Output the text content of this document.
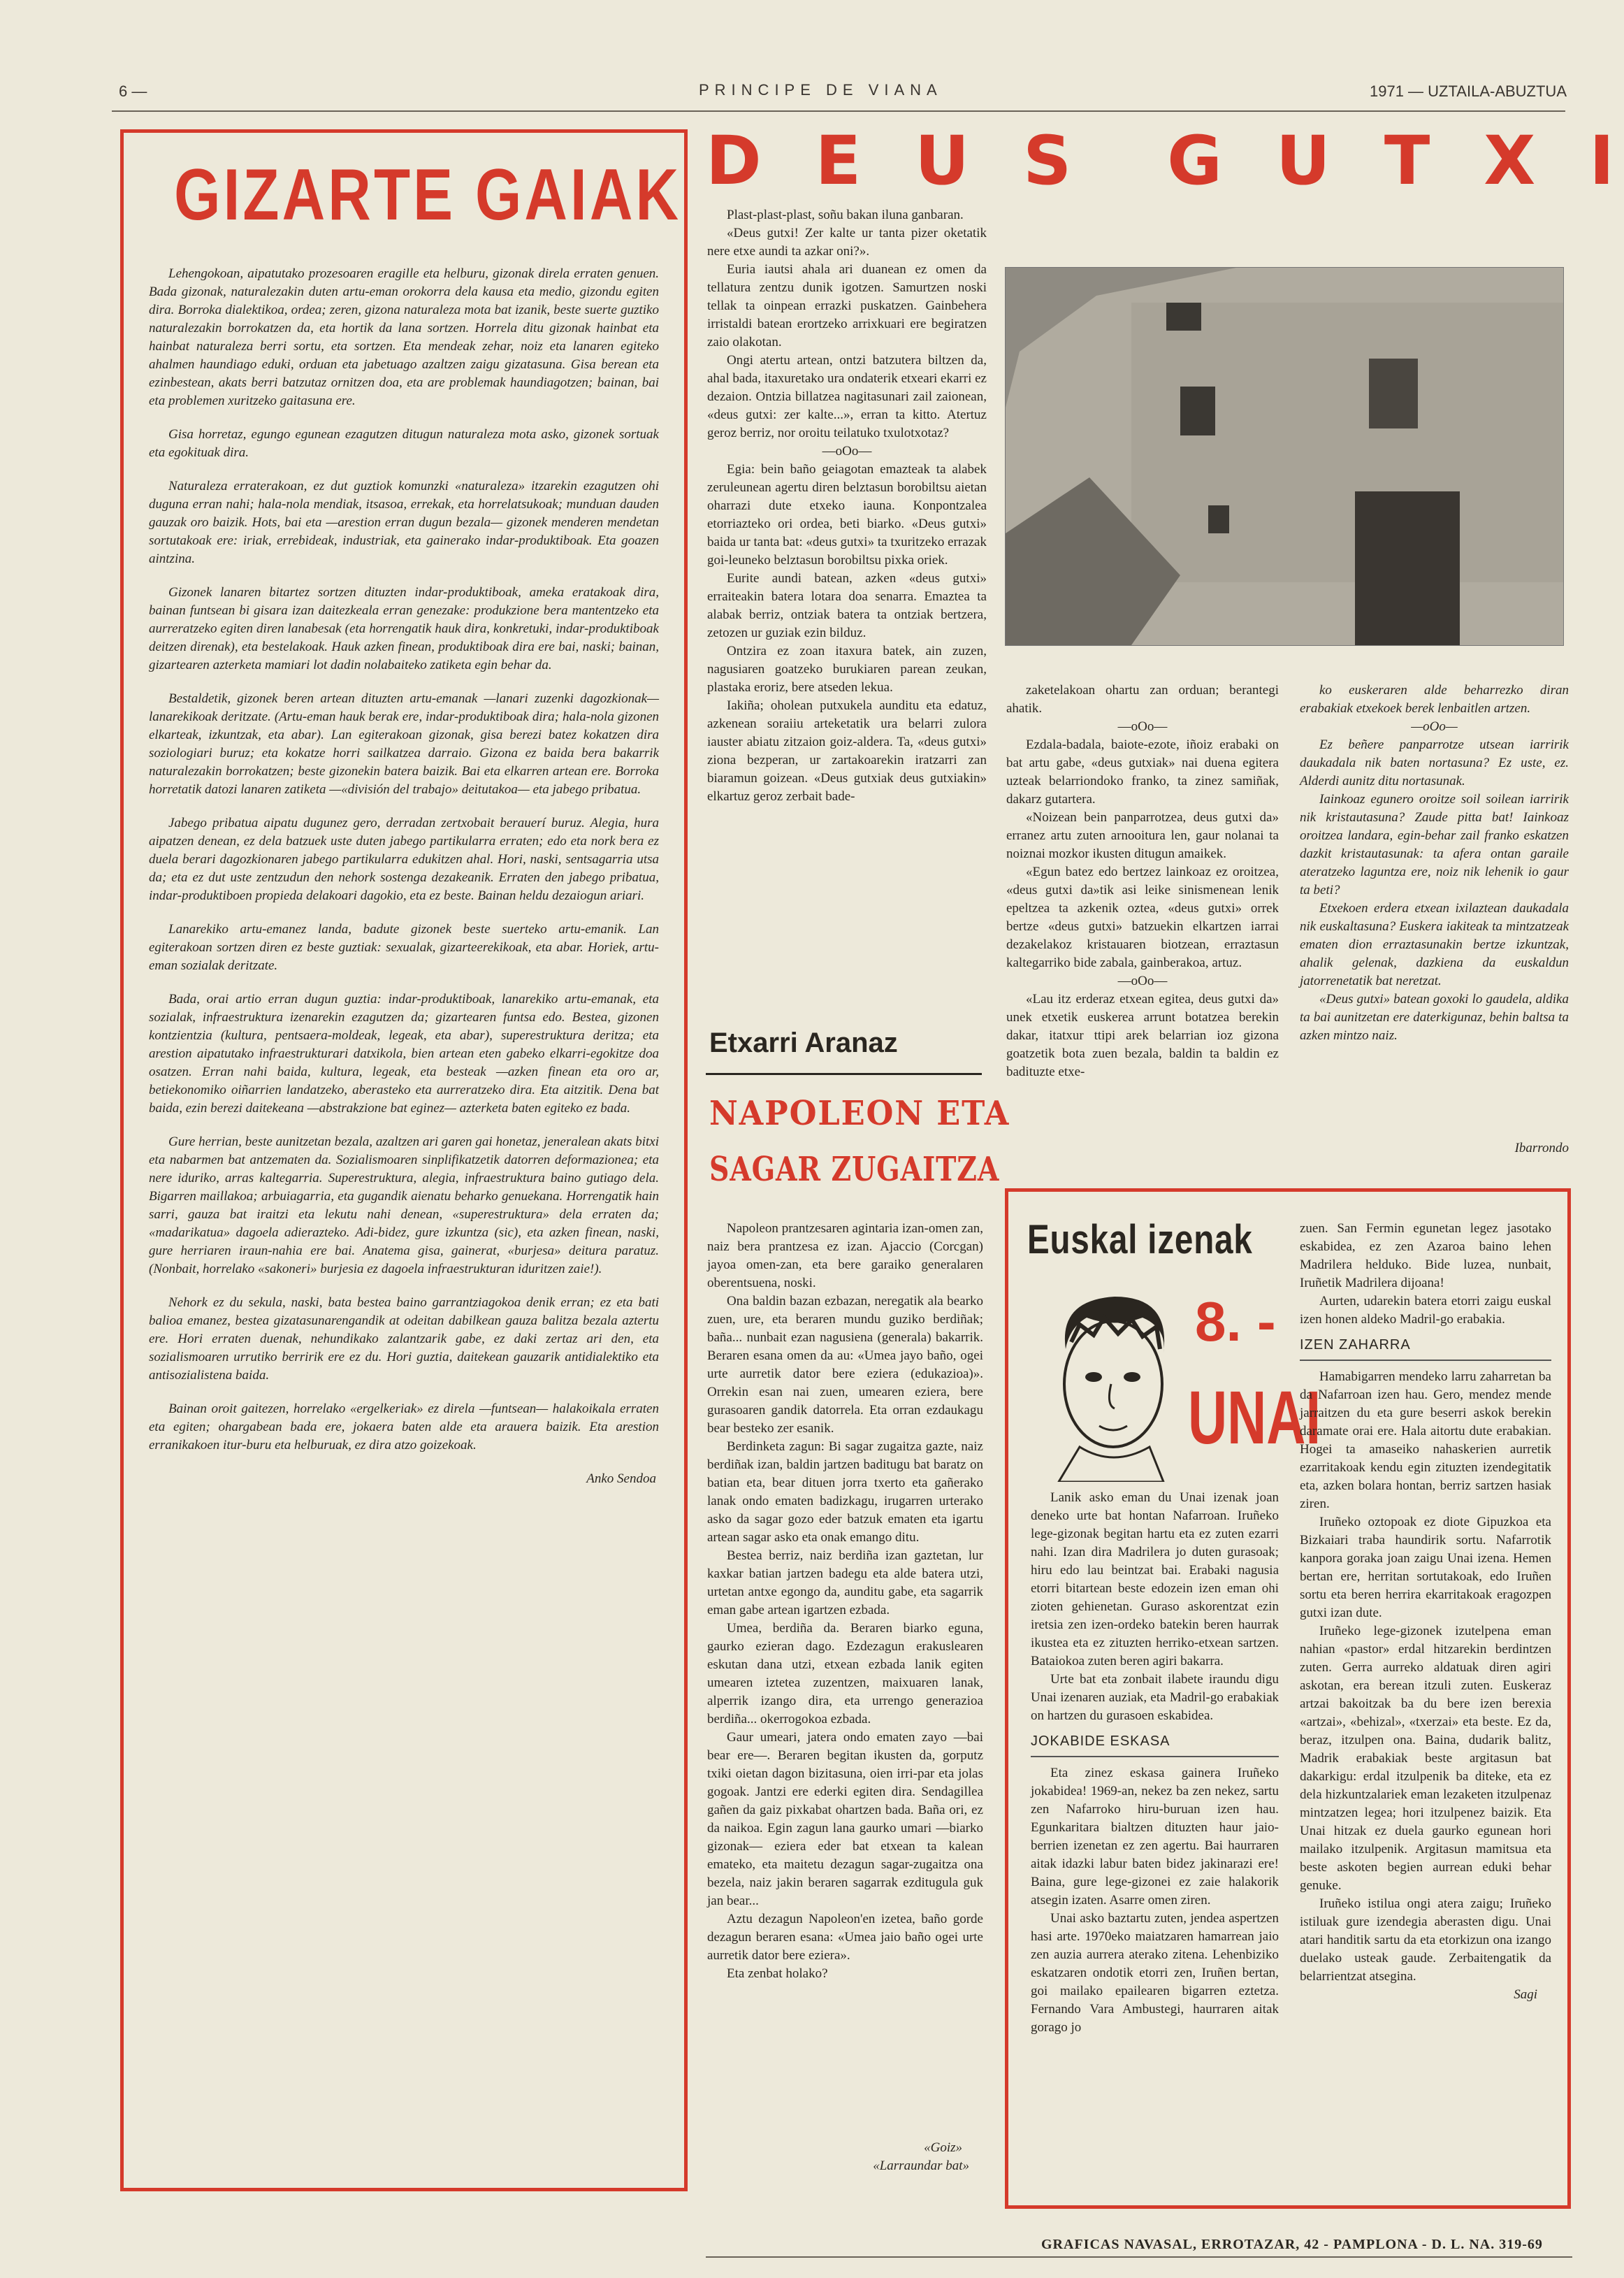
6 —	PRINCIPE DE VIANA	1971 — UZTAILA-ABUZTUA
GIZARTE GAIAK

Lehengokoan, aipatutako prozesoaren eragille eta helburu, gizonak direla erraten genuen. Bada gizonak, naturalezakin duten artu-eman orokorra dela kausa eta medio, gizondu egiten dira. Borroka dialektikoa, ordea; zeren, gizona naturaleza mota bat izanik, beste suerte guztiko naturalezakin borrokatzen da, eta hortik da lana sortzen. Horrela ditu gizonak hainbat eta hainbat naturaleza berri sortu, eta sortzen. Eta mendeak zehar, noiz eta lanaren egiteko ahalmen haundiago eduki, orduan eta jabetuago azaltzen zaigu gizatasuna. Gisa berean eta ezinbestean, akats berri batzutaz ornitzen doa, eta are problemak haundiagotzen; bainan, bai eta problemen xuritzeko gaitasuna ere.

Gisa horretaz, egungo egunean ezagutzen ditugun naturaleza mota asko, gizonek sortuak eta egokituak dira.

Naturaleza erraterakoan, ez dut guztiok komunzki «naturaleza» itzarekin ezagutzen ohi duguna erran nahi; hala-nola mendiak, itsasoa, errekak, eta horrelatsukoak; munduan dauden gauzak oro baizik. Hots, bai eta —arestion erran dugun bezala— gizonek menderen mendetan sortutakoak ere: iriak, errebideak, industriak, eta gainerako indar-produktiboak. Eta goazen aintzina.

Gizonek lanaren bitartez sortzen dituzten indar-produktiboak, ameka eratakoak dira, bainan funtsean bi gisara izan daitezkeala erran genezake: produkzione bera mantentzeko eta aurreratzeko egiten diren lanabesak (eta horrengatik hauk dira, konkretuki, indar-produktiboak deitzen direnak), eta bestelakoak. Hauk azken finean, produktiboak dira ere bai, naski; bainan, gizartearen azterketa mamiari lot dadin nolabaiteko zatiketa egin behar da.

Bestaldetik, gizonek beren artean dituzten artu-emanak —lanari zuzenki dagozkionak— lanarekikoak deritzate. (Artu-eman hauk berak ere, indar-produktiboak dira; hala-nola gizonen elkarteak, izkuntzak, eta abar). Lan egiterakoan gizonak, gisa berezi batez kokatzen dira soziologiari buruz; eta kokatze horri sailkatzea darraio. Gizona ez baida bera bakarrik naturalezakin borrokatzen; beste gizonekin batera baizik. Bai eta elkarren artean ere. Borroka horretatik datozi lanaren zatiketa —«división del trabajo» deitutakoa— eta jabego pribatua.

Jabego pribatua aipatu dugunez gero, derradan zertxobait berauerí buruz. Alegia, hura aipatzen denean, ez dela batzuek uste duten jabego partikularra erraten; edo eta nork bera ez duela berari dagozkionaren jabego partikularra edukitzen ahal. Hori, naski, sentsagarria utsa da; eta ez dut uste zentzudun den nehork sostenga dezakeanik. Erraten den jabego pribatua, indar-produktiboen propieda delakoari dagokio, eta ez beste. Bainan heldu dezaiogun ariari.

Lanarekiko artu-emanez landa, badute gizonek beste suerteko artu-emanik. Lan egiterakoan sortzen diren ez beste guztiak: sexualak, gizarteerekikoak, eta abar. Horiek, artu-eman sozialak deritzate.

Bada, orai artio erran dugun guztia: indar-produktiboak, lanarekiko artu-emanak, eta sozialak, infraestruktura izenarekin ezagutzen da; gizartearen funtsa edo. Bestea, gizonen kontzientzia (kultura, pentsaera-moldeak, legeak, eta abar), superestruktura deritza; eta arestion aipatutako infraestrukturari datxikola, bien artean eten gabeko elkarri-egokitze doa osatzen. Erran nahi baida, kultura, legeak, eta besteak —azken finean eta oro ar, betiekonomiko oiñarrien landatzeko, aberasteko eta aurreratzeko dira. Eta aitzitik. Dena bat baida, ezin berezi daitekeana —abstrakzione bat eginez— azterketa baten egiteko ez bada.

Gure herrian, beste aunitzetan bezala, azaltzen ari garen gai honetaz, jeneralean akats bitxi eta nabarmen bat antzematen da. Sozialismoaren sinplifikatzetik datorren deformazionea; eta nere iduriko, arras kaltegarria. Superestruktura, alegia, infraestruktura baino gutiago dela. Bigarren maillakoa; arbuiagarria, eta gugandik aienatu beharko genuekana. Horrengatik hain sarri, gauza bat iraitzi eta lekutu nahi denean, «superestruktura» dela erraten da; «madarikatua» dagoela adierazteko. Adi-bidez, gure izkuntza (sic), eta azken finean, naski, gure herriaren iraun-nahia ere bai. Anatema gisa, gainerat, «burjesa» deitura paratuz. (Nonbait, horrelako «sakoneri» burjesia ez dagoela infraestrukturan iduritzen zaie!).

Nehork ez du sekula, naski, bata bestea baino garrantziagokoa denik erran; ez eta bati balioa emanez, bestea gizatasunarengandik at odeitan dabilkean gauza balitza bezala aztertu ere. Hori erraten duenak, nehundikako zalantzarik gabe, ez daki zertaz ari den, eta sozialismoaren urrutiko berririk ere ez du. Hori guztia, daitekean gauzarik antidialektiko eta antisozialistena baida.

Bainan oroit gaitezen, horrelako «ergelkeriak» ez direla —funtsean— halakoikala erraten eta egiten; ohargabean bada ere, jokaera baten alde eta arauera baizik. Eta arestion erranikakoen itur-buru eta helburuak, ez dira atzo goizekoak.

Anko Sendoa
D E U S G U T X I

Plast-plast-plast, soñu bakan iluna ganbaran.

«Deus gutxi! Zer kalte ur tanta pizer oketatik nere etxe aundi ta azkar oni?».

Euria iautsi ahala ari duanean ez omen da tellatura zentzu dunik igotzen. Samurtzen noski tellak ta oinpean errazki puskatzen. Gainbehera irristaldi batean erortzeko arrixkuari ere begiratzen zaio olakotan.

Ongi atertu artean, ontzi batzutera biltzen da, ahal bada, itaxuretako ura ondaterik etxeari ekarri ez dezaion. Ontzia billatzea nagitasunari zail zaionean, «deus gutxi: zer kalte...», erran ta kitto. Atertuz geroz berriz, nor oroitu teilatuko txulotxotaz?

—oOo—

Egia: bein baño geiagotan emazteak ta alabek zeruleunean agertu diren belztasun borobiltsu aietan oharrazi dute etxeko iauna. Konpontzalea etorriazteko ori ordea, beti biarko. «Deus gutxi» baida ur tanta bat: «deus gutxi» ta txuritzeko errazak goi-leuneko belztasun borobiltsu pixka oriek.

Eurite aundi batean, azken «deus gutxi» erraiteakin batera lotara doa senarra. Emaztea ta alabak berriz, ontziak batera ta ontziak bertzera, zetozen ur guziak ezin bilduz.

Ontzira ez zoan itaxura batek, ain zuzen, nagusiaren goatzeko burukiaren parean zeukan, plastaka eroriz, bere atseden lekua.

Iakiña; oholean putxukela aunditu eta edatuz, azkenean soraiiu arteketatik ura belarri zulora iauster abiatu zitzaion goiz-aldera. Ta, «deus gutxi» ziona bezperan, ur zartakoarekin iratzarri zan biaramun goizean. «Deus gutxiak deus gutxiakin» elkartuz geroz zerbait bade-

zaketelakoan ohartu zan orduan; berantegi ahatik.

—oOo—

Ezdala-badala, baiote-ezote, iñoiz erabaki on bat artu gabe, «deus gutxiak» nai duena egitera uzteak belarriondoko franko, ta zinez samiñak, dakarz gutartera.

«Noizean bein panparrotzea, deus gutxi da» erranez artu zuten arnooitura len, gaur nolanai ta noiznai mozkor ikusten ditugun amaikek.

«Egun batez edo bertzez lainkoaz ez oroitzea, «deus gutxi da»tik asi leike sinismenean lenik epeltzea ta azkenik oztea, «deus gutxi» orrek bertze «deus gutxi» batzuekin elkartzen iarrai dezakelakoz kristauaren biotzean, erraztasun kaltegarriko bide zabala, gainberakoa, artuz.

—oOo—

«Lau itz erderaz etxean egitea, deus gutxi da» unek etxetik euskerea arrunt botatzea berekin dakar, itatxur ttipi arek belarrian ioz gizona goatzetik bota zuen bezala, baldin ta baldin ez badituzte etxe-

ko euskeraren alde beharrezko diran erabakiak etxekoek berek lenbaitlen artzen.

—oOo—

Ez beñere panparrotze utsean iarririk daukadala nik baten nortasuna? Ez uste, ez. Alderdi aunitz ditu nortasunak.

Iainkoaz egunero oroitze soil soilean iarririk nik kristautasuna? Zaude pitta bat! Iainkoaz oroitzea landara, egin-behar zail franko eskatzen dazkit kristautasunak: ta afera ontan garaile ateratzeko laguntza ere, noiz nik lehenik io gaur ta beti?

Etxekoen erdera etxean ixilaztean daukadala nik euskaltasuna? Euskera iakiteak ta mintzatzeak ematen dion erraztasunakin bertze izkuntzak, ahalik gelenak, dazkiena da euskaldun jatorrenetatik bat neretzat.

«Deus gutxi» batean goxoki lo gaudela, aldika ta bai aunitzetan ere daterkigunaz, behin baltsa ta azken mintzo naiz.

Ibarrondo
Etxarri Aranaz
NAPOLEON ETA
SAGAR ZUGAITZA

Napoleon prantzesaren agintaria izan-omen zan, naiz bera prantzesa ez izan. Ajaccio (Corcgan) jayoa omen-zan, eta bere garaiko generalaren oberentsuena, noski.

Ona baldin bazan ezbazan, neregatik ala bearko zuen, ure, eta beraren mundu guziko berdiñak; baña... nunbait ezan nagusiena (generala) bakarrik. Beraren esana omen da au: «Umea jayo baño, ogei urte aurretik dator bere eziera (edukazioa)». Orrekin esan nai zuen, umearen eziera, bere gurasoaren gandik datorrela. Eta orran ezdaukagu bear besteko zer esanik.

Berdinketa zagun: Bi sagar zugaitza gazte, naiz berdiñak izan, baldin jartzen baditugu bat baratz on batian eta, bear dituen jorra txerto eta gañerako lanak ondo ematen badizkagu, irugarren urterako asko da sagar gozo eder batzuk ematen eta igartu artean sagar asko eta onak emango ditu.

Bestea berriz, naiz berdiña izan gaztetan, lur kaxkar batian jartzen badegu eta alde batera utzi, urtetan antxe egongo da, aunditu gabe, eta sagarrik eman gabe artean igartzen ezbada.

Umea, berdiña da. Beraren biarko eguna, gaurko ezieran dago. Ezdezagun erakuslearen eskutan dana utzi, etxean ezbada lanik egiten umearen iztetea zuzentzen, maixuaren lanak, alperrik izango dira, eta urrengo generazioa berdiña... okerrogokoa ezbada.

Gaur umeari, jatera ondo ematen zayo —bai bear ere—. Beraren begitan ikusten da, gorputz txiki oietan dagon bizitasuna, oien irri-par eta jolas gogoak. Jantzi ere ederki egiten dira. Sendagillea gañen da gaiz pixkabat ohartzen bada. Baña ori, ez da naikoa. Egin zagun lana gaurko umari —biarko gizonak— eziera eder bat etxean ta kalean emateko, eta maitetu dezagun sagar-zugaitza ona bezela, naiz jakin beraren sagarrak ezditugula guk jan bear...

Aztu dezagun Napoleon'en izetea, baño gorde dezagun beraren esana: «Umea jaio baño ogei urte aurretik dator bere eziera».

Eta zenbat holako?

«Goiz»
«Larraundar bat»
Euskal izenak
8. -
UNAI

Lanik asko eman du Unai izenak joan deneko urte bat hontan Nafarroan. Iruñeko lege-gizonak begitan hartu eta ez zuten ezarri nahi. Izan dira Madrilera jo duten gurasoak; hiru edo lau beintzat bai. Erabaki nagusia etorri bitartean beste edozein izen eman ohi zioten gehienetan. Guraso askorentzat ezin iretsia zen izen-ordeko batekin beren haurrak ikustea eta ez zituzten herriko-etxean sartzen. Bataiokoa zuten beren agiri bakarra.

Urte bat eta zonbait ilabete iraundu digu Unai izenaren auziak, eta Madril-go erabakiak on hartzen du gurasoen eskabidea.

JOKABIDE ESKASA

Eta zinez eskasa gainera Iruñeko jokabidea! 1969-an, nekez ba zen nekez, sartu zen Nafarroko hiru-buruan izen hau. Egunkaritara bialtzen dituzten haur jaio-berrien izenetan ez zen agertu. Bai haurraren aitak idazki labur baten bidez jakinarazi ere! Baina, gure lege-gizonei ez zaie halakorik atsegin izaten. Asarre omen ziren.

Unai asko baztartu zuten, jendea aspertzen hasi arte. 1970eko maiatzaren hamarrean jaio zen auzia aurrera aterako zitena. Lehenbiziko eskatzaren ondotik etorri zen, Iruñen bertan, goi mailako epailearen bigarren eztetza. Fernando Vara Ambustegi, haurraren aitak gorago jo

zuen. San Fermin egunetan legez jasotako eskabidea, ez zen Azaroa baino lehen Madrilera helduko. Bide luzea, nunbait, Iruñetik Madrilera dijoana!

Aurten, udarekin batera etorri zaigu euskal izen honen aldeko Madril-go erabakia.

IZEN ZAHARRA

Hamabigarren mendeko larru zaharretan ba da Nafarroan izen hau. Gero, mendez mende jarraitzen du eta gure beserri askok berekin daramate orai ere. Hala aitortu dute erabakian. Hogei ta amaseiko nahaskerien aurretik ezarritakoak kendu egin zituzten izendegitatik eta, azken bolara hontan, berriz sartzen hasiak ziren.

Iruñeko oztopoak ez diote Gipuzkoa eta Bizkaiari traba haundirik sortu. Nafarrotik kanpora goraka joan zaigu Unai izena. Hemen bertan ere, herritan sortutakoak, edo Iruñen sortu eta beren herrira ekarritakoak eragozpen gutxi izan dute.

Iruñeko lege-gizonek izutelpena eman nahian «pastor» erdal hitzarekin berdintzen zuten. Gerra aurreko aldatuak diren agiri askotan, era berean itzuli zuten. Euskeraz artzai bakoitzak ba du bere izen berexia «artzai», «behizal», «txerzai» eta beste. Ez da, beraz, itzulpen ona. Baina, dudarik balitz, Madrik erabakiak beste argitasun bat dakarkigu: erdal itzulpenik ba diteke, eta ez dela hizkuntzalariek eman lezaketen itzulpenaz mintzatzen legea; hori itzulpenez baizik. Eta Unai hitzak ez duela gaurko egunean hori mailako itzulpenik. Argitasun mamitsua eta beste askoten begien aurrean eduki behar genuke.

Iruñeko istilua ongi atera zaigu; Iruñeko istiluak gure izendegia aberasten digu. Unai atari handitik sartu da eta etorkizun ona izango duelako usteak gaude. Zerbaitengatik da belarrientzat atsegina.

Sagi
GRAFICAS NAVASAL, ERROTAZAR, 42 - PAMPLONA - D. L. NA. 319-69
